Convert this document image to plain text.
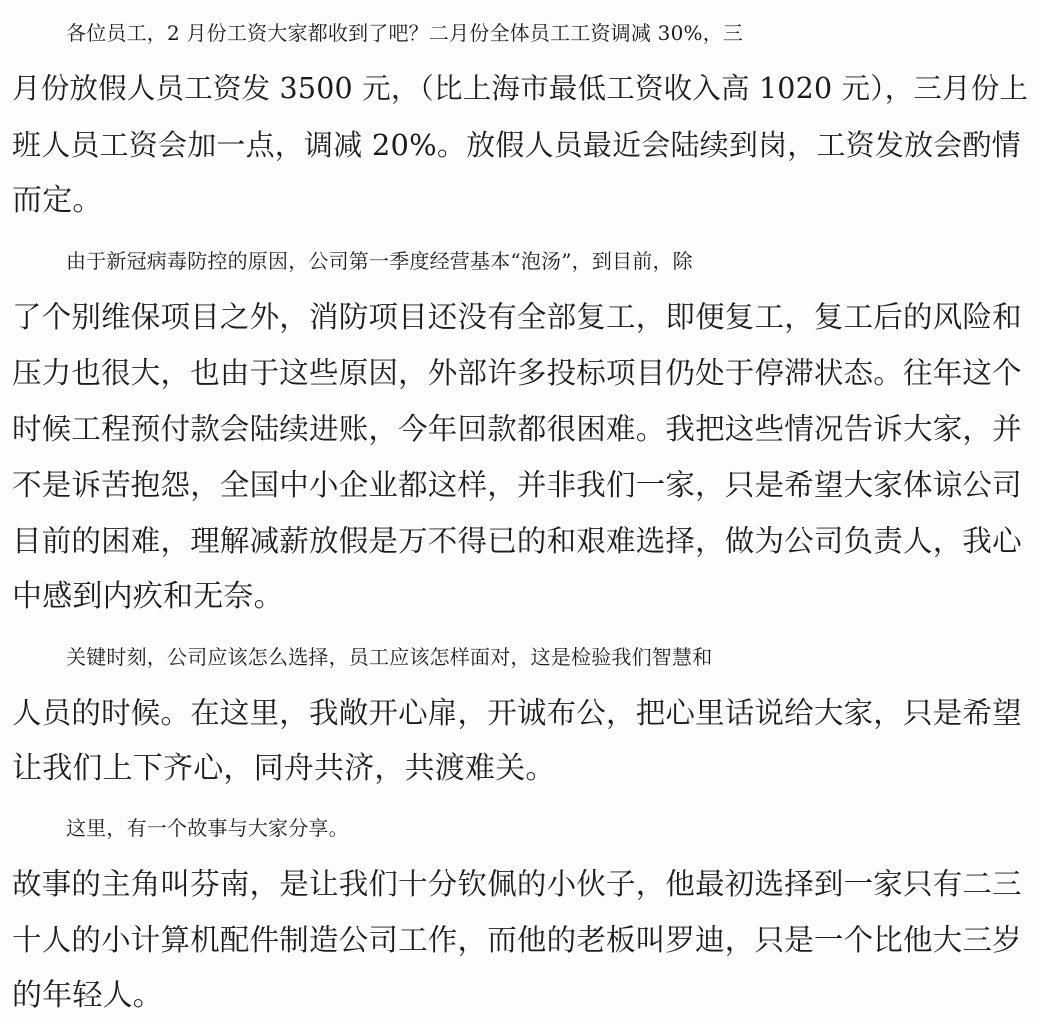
各位员工，2 月份工资大家都收到了吧？二月份全体员工工资调减 30%，三
月份放假人员工资发 3500 元，（比上海市最低工资收入高 1020 元），三月份上
班人员工资会加一点，调减 20%。放假人员最近会陆续到岗，工资发放会酌情
而定。
由于新冠病毒防控的原因，公司第一季度经营基本“泡汤”，到目前，除
了个别维保项目之外，消防项目还没有全部复工，即便复工，复工后的风险和
压力也很大，也由于这些原因，外部许多投标项目仍处于停滞状态。往年这个
时候工程预付款会陆续进账，今年回款都很困难。我把这些情况告诉大家，并
不是诉苦抱怨，全国中小企业都这样，并非我们一家，只是希望大家体谅公司
目前的困难，理解减薪放假是万不得已的和艰难选择，做为公司负责人，我心
中感到内疚和无奈。
关键时刻，公司应该怎么选择，员工应该怎样面对，这是检验我们智慧和
人员的时候。在这里，我敞开心扉，开诚布公，把心里话说给大家，只是希望
让我们上下齐心，同舟共济，共渡难关。
这里，有一个故事与大家分享。
故事的主角叫芬南，是让我们十分钦佩的小伙子，他最初选择到一家只有二三
十人的小计算机配件制造公司工作，而他的老板叫罗迪，只是一个比他大三岁
的年轻人。
